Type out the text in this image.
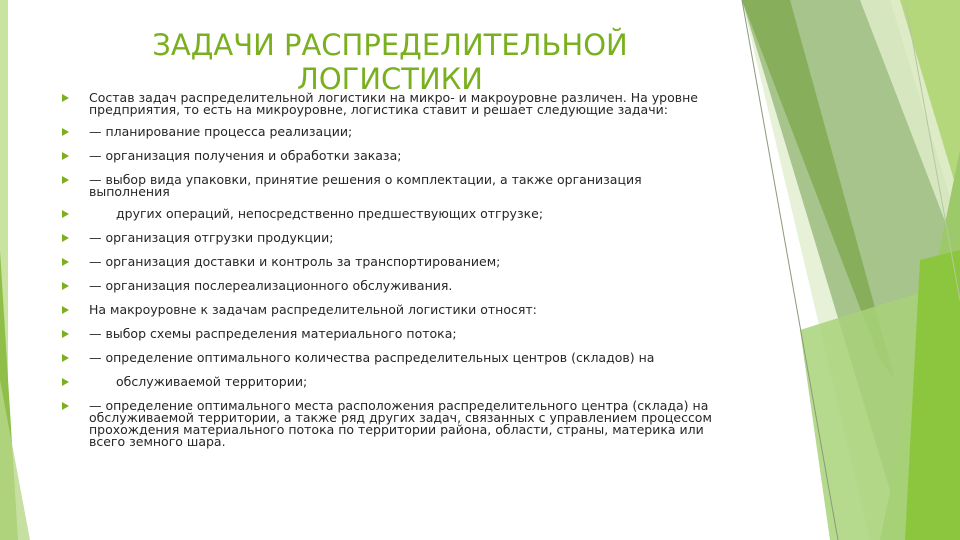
ЗАДАЧИ РАСПРЕДЕЛИТЕЛЬНОЙ ЛОГИСТИКИ
Состав задач распределительной логистики на микро- и макроуровне различен. На уровне предприятия, то есть на микроуровне, логистика ставит и решает следующие задачи:
— планирование процесса реализации;
— организация получения и обработки заказа;
— выбор вида упаковки, принятие решения о комплектации, а также организация выполнения
другиx операций, непосредственно предшествующих отгрузке;
— организация отгрузки продукции;
— организация доставки и контроль за транспортированием;
— организация послереализационного обслуживания.
На макроуровне к задачам распределительной логистики относят:
— выбор схемы распределения материального потока;
— определение оптимального количества распределительных центров (складов) на
обслуживаемой территории;
— определение оптимального места расположения распределительного центра (склада) на обслуживаемой территории, а также ряд других задач, связанных с управлением процессом прохождения материального потока по территории района, области, страны, материка или всего земного шара.
